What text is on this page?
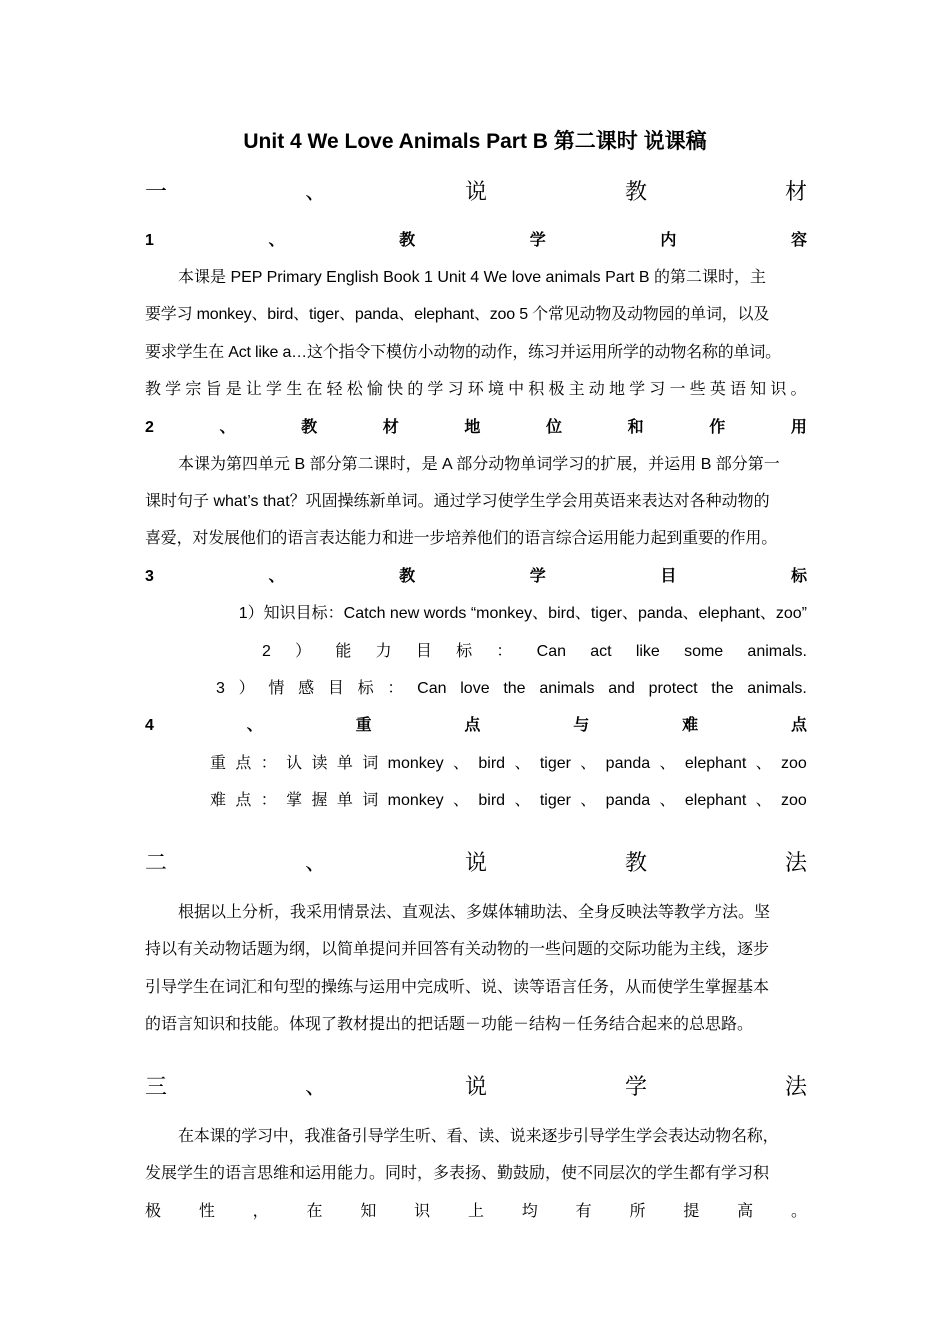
Unit 4 We Love Animals Part B 第二课时 说课稿
一	、	说	教	材
1	、	教	学	内	容
本课是 PEP Primary English Book 1 Unit 4 We love animals Part B 的第二课时，主
要学习 monkey、bird、tiger、panda、elephant、zoo 5 个常见动物及动物园的单词，以及
要求学生在 Act like a…这个指令下模仿小动物的动作，练习并运用所学的动物名称的单词。
教 学 宗 旨 是 让 学 生 在 轻 松 愉 快 的 学 习 环 境 中 积 极 主 动 地 学 习 一 些 英 语 知 识 。
2	、	教	材	地	位	和	作	用
本课为第四单元 B 部分第二课时，是 A 部分动物单词学习的扩展，并运用 B 部分第一
课时句子 what’s that？巩固操练新单词。通过学习使学生学会用英语来表达对各种动物的
喜爱，对发展他们的语言表达能力和进一步培养他们的语言综合运用能力起到重要的作用。
3	、	教	学	目	标
1）知识目标：Catch new words “monkey、bird、tiger、panda、elephant、zoo”
2 ） 能 力 目 标 ： Can act like some animals.
3 ） 情 感 目 标 ： Can love the animals and protect the animals.
4	、	重	点	与	难	点
重 点 ： 认 读 单 词 monkey 、 bird 、 tiger 、 panda 、 elephant 、 zoo
难 点 ： 掌 握 单 词 monkey 、 bird 、 tiger 、 panda 、 elephant 、 zoo
二	、	说	教	法
根据以上分析，我采用情景法、直观法、多媒体辅助法、全身反映法等教学方法。坚
持以有关动物话题为纲，以简单提问并回答有关动物的一些问题的交际功能为主线，逐步
引导学生在词汇和句型的操练与运用中完成听、说、读等语言任务，从而使学生掌握基本
的语言知识和技能。体现了教材提出的把话题－功能－结构－任务结合起来的总思路。
三	、	说	学	法
在本课的学习中，我准备引导学生听、看、读、说来逐步引导学生学会表达动物名称，
发展学生的语言思维和运用能力。同时，多表扬、勤鼓励，使不同层次的学生都有学习积
极 性 ， 在 知 识 上 均 有 所 提 高 。
